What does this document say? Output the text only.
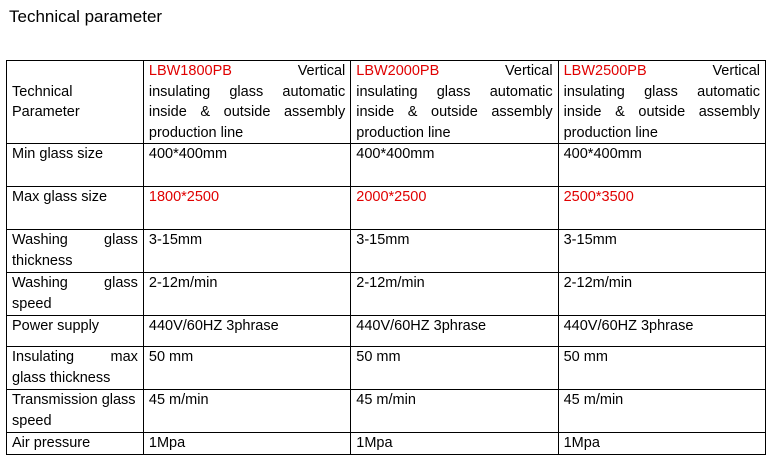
Technical parameter
Technical Parameter	LBW1800PB Vertical insulating glass automatic inside & outside assembly production line	LBW2000PB Vertical insulating glass automatic inside & outside assembly production line	LBW2500PB Vertical insulating glass automatic inside & outside assembly production line
Min glass size	400*400mm	400*400mm	400*400mm
Max glass size	1800*2500	2000*2500	2500*3500
Washing glass thickness	3-15mm	3-15mm	3-15mm
Washing glass speed	2-12m/min	2-12m/min	2-12m/min
Power supply	440V/60HZ 3phrase	440V/60HZ 3phrase	440V/60HZ 3phrase
Insulating max glass thickness	50 mm	50 mm	50 mm
Transmission glass speed	45 m/min	45 m/min	45 m/min
Air pressure	1Mpa	1Mpa	1Mpa
